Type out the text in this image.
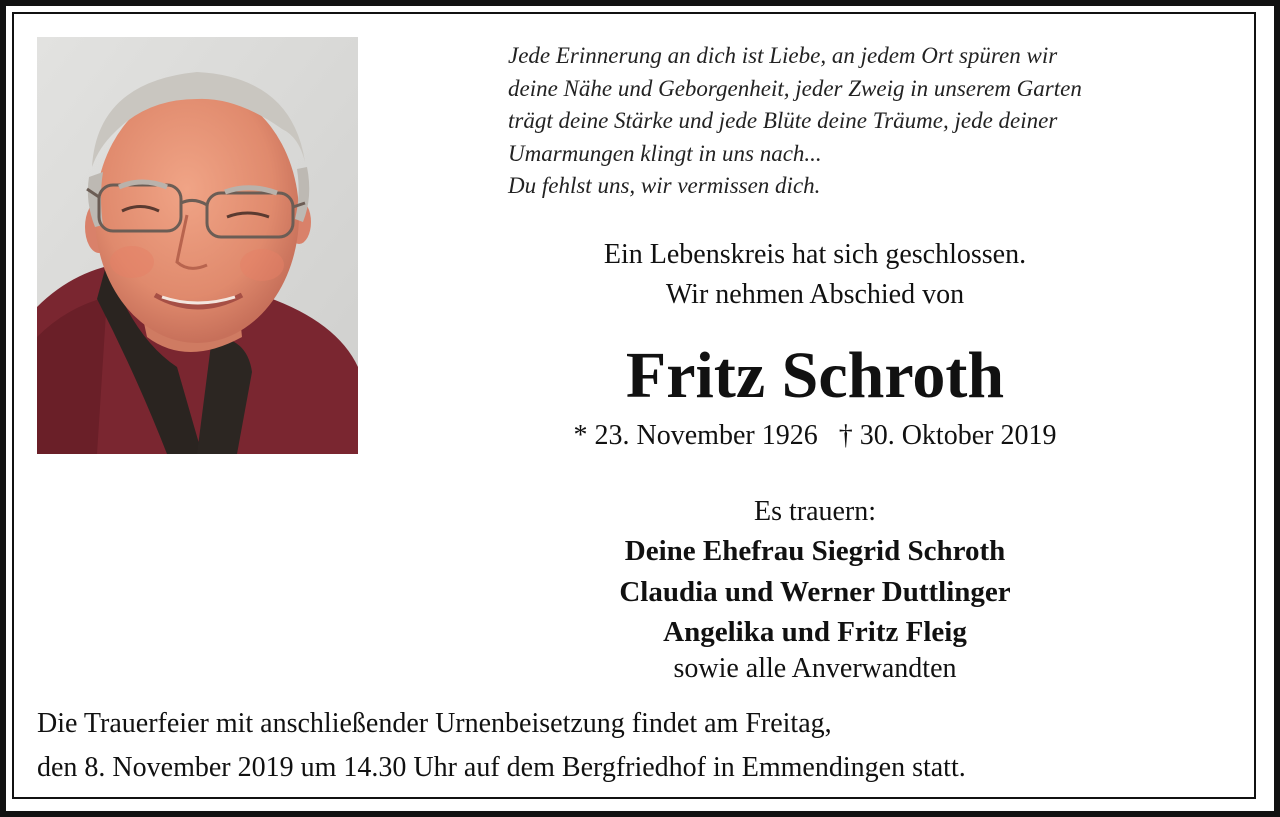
Jede Erinnerung an dich ist Liebe, an jedem Ort spüren wir
deine Nähe und Geborgenheit, jeder Zweig in unserem Garten
trägt deine Stärke und jede Blüte deine Träume, jede deiner
Umarmungen klingt in uns nach...
Du fehlst uns, wir vermissen dich.
Ein Lebenskreis hat sich geschlossen.
Wir nehmen Abschied von
Fritz Schroth
* 23. November 1926   † 30. Oktober 2019
Es trauern:
Deine Ehefrau Siegrid Schroth
Claudia und Werner Duttlinger
Angelika und Fritz Fleig
sowie alle Anverwandten
Die Trauerfeier mit anschließender Urnenbeisetzung findet am Freitag,
den 8. November 2019 um 14.30 Uhr auf dem Bergfriedhof in Emmendingen statt.
